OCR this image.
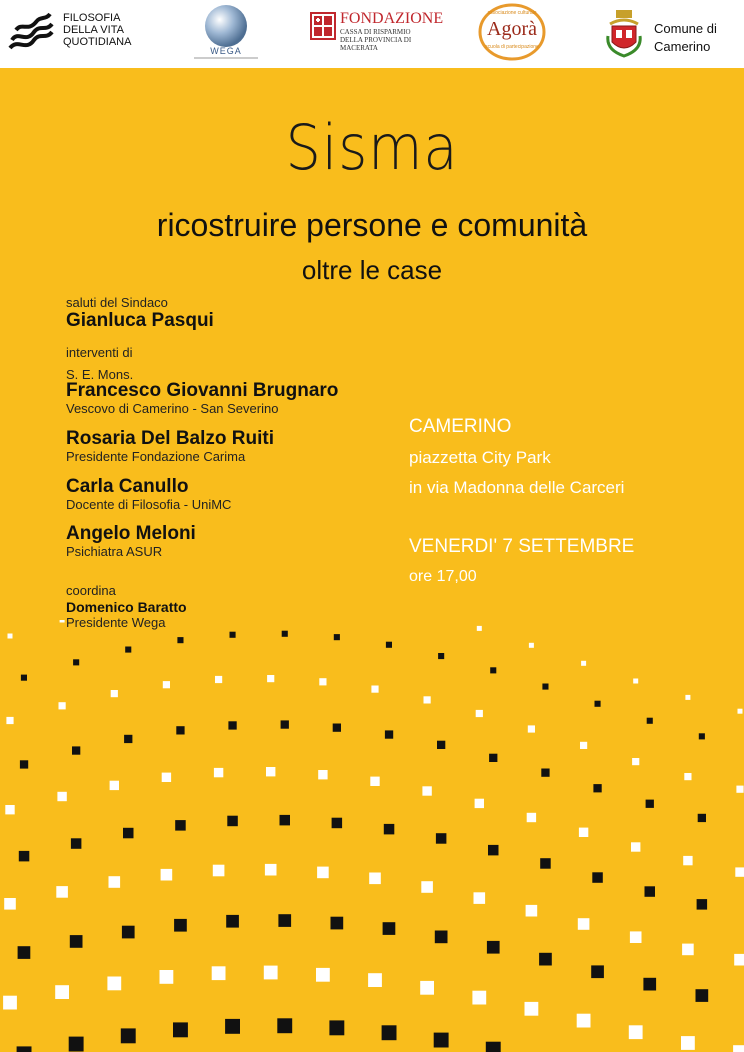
FILOSOFIA
DELLA VITA
QUOTIDIANA
WEGA
FONDAZIONE
CASSA DI RISPARMIO
DELLA PROVINCIA DI MACERATA
associazione culturale
Agorà
scuola di partecipazione
Comune di
Camerino
Sisma
ricostruire persone e comunità
oltre le case
saluti del Sindaco
Gianluca Pasqui
interventi di
S. E. Mons.
Francesco Giovanni Brugnaro
Vescovo di Camerino - San Severino
Rosaria Del Balzo Ruiti
Presidente Fondazione Carima
Carla Canullo
Docente di Filosofia - UniMC
Angelo Meloni
Psichiatra ASUR
coordina
Domenico Baratto
Presidente Wega
CAMERINO
piazzetta City Park
in via Madonna delle Carceri
VENERDI' 7 SETTEMBRE
ore 17,00
